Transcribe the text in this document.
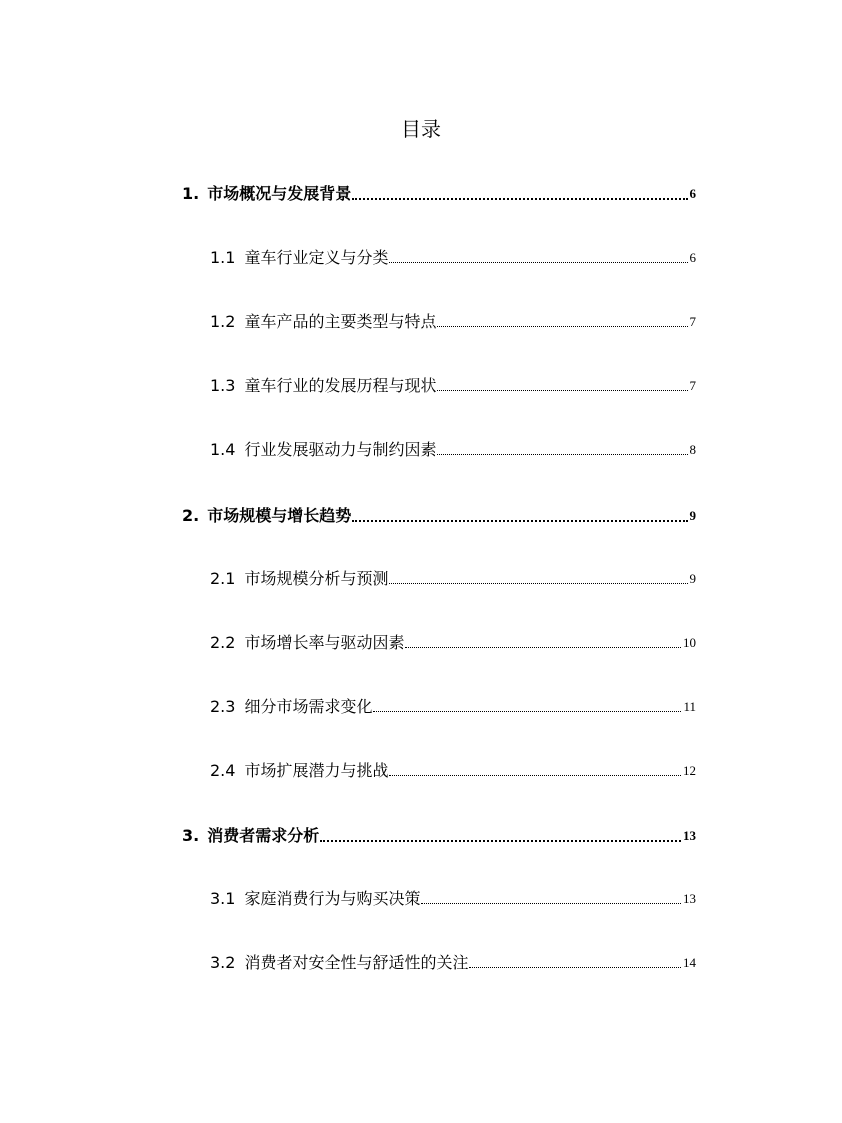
目录
1. 市场概况与发展背景	6
1.1 童车行业定义与分类	6
1.2 童车产品的主要类型与特点	7
1.3 童车行业的发展历程与现状	7
1.4 行业发展驱动力与制约因素	8
2. 市场规模与增长趋势	9
2.1 市场规模分析与预测	9
2.2 市场增长率与驱动因素	10
2.3 细分市场需求变化	11
2.4 市场扩展潜力与挑战	12
3. 消费者需求分析	13
3.1 家庭消费行为与购买决策	13
3.2 消费者对安全性与舒适性的关注	14
